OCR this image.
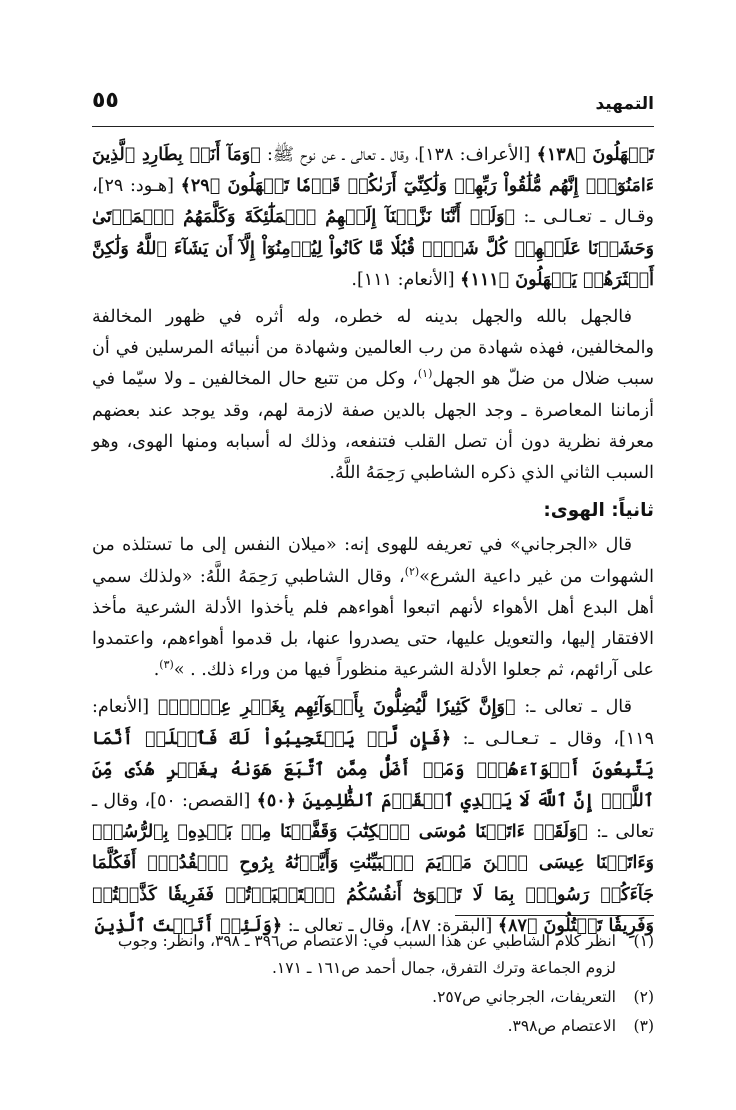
التمهيد
٥٥

تَجۡهَلُونَ ﴿١٣٨﴾ [الأعراف: ١٣٨]، وقال ـ تعالى ـ عن نوح ﷺ: ﴿وَمَآ أَنَا۠ بِطَارِدِ ٱلَّذِينَ ءَامَنُوٓاْۚ إِنَّهُم مُّلَٰقُواْ رَبِّهِمۡ وَلَٰكِنِّيٓ أَرَىٰكُمۡ قَوۡمٗا تَجۡهَلُونَ ﴿٢٩﴾ [هـود: ٢٩]، وقـال ـ تعـالـى ـ: ﴿وَلَوۡ أَنَّنَا نَزَّلۡنَآ إِلَيۡهِمُ ٱلۡمَلَٰٓئِكَةَ وَكَلَّمَهُمُ ٱلۡمَوۡتَىٰ وَحَشَرۡنَا عَلَيۡهِمۡ كُلَّ شَيۡءٖ قُبُلٗا مَّا كَانُواْ لِيُؤۡمِنُوٓاْ إِلَّآ أَن يَشَآءَ ٱللَّهُ وَلَٰكِنَّ أَكۡثَرَهُمۡ يَجۡهَلُونَ ﴿١١١﴾ [الأنعام: ١١١].

فالجهل بالله والجهل بدينه له خطره، وله أثره في ظهور المخالفة والمخالفين، فهذه شهادة من رب العالمين وشهادة من أنبيائه المرسلين في أن سبب ضلال من ضلّ هو الجهل$^{(١)}$، وكل من تتبع حال المخالفين ـ ولا سيّما في أزماننا المعاصرة ـ وجد الجهل بالدين صفة لازمة لهم، وقد يوجد عند بعضهم معرفة نظرية دون أن تصل القلب فتنفعه، وذلك له أسبابه ومنها الهوى، وهو السبب الثاني الذي ذكره الشاطبي رَحِمَهُ اللَّهُ.

ثانياً: الهوى:

قال «الجرجاني» في تعريفه للهوى إنه: «ميلان النفس إلى ما تستلذه من الشهوات من غير داعية الشرع»$^{(٢)}$، وقال الشاطبي رَحِمَهُ اللَّهُ: «ولذلك سمي أهل البدع أهل الأهواء لأنهم اتبعوا أهواءهم فلم يأخذوا الأدلة الشرعية مأخذ الافتقار إليها، والتعويل عليها، حتى يصدروا عنها، بل قدموا أهواءهم، واعتمدوا على آرائهم، ثم جعلوا الأدلة الشرعية منظوراً فيها من وراء ذلك. . »$^{(٣)}$.

قال ـ تعالى ـ: ﴿وَإِنَّ كَثِيرٗا لَّيُضِلُّونَ بِأَهۡوَآئِهِم بِغَيۡرِ عِلۡمٍۗ﴾ [الأنعام: ١١٩]، وقال ـ تـعـالـى ـ: ﴿فَإِن لَّمۡ يَسۡتَجِيبُواْ لَكَ فَٱعۡلَمۡ أَنَّمَا يَتَّبِعُونَ أَهۡوَآءَهُمۡۚ وَمَنۡ أَضَلُّ مِمَّنِ ٱتَّبَعَ هَوَىٰهُ بِغَيۡرِ هُدٗى مِّنَ ٱللَّهِۚ إِنَّ ٱللَّهَ لَا يَهۡدِي ٱلۡقَوۡمَ ٱلظَّٰلِمِينَ ﴿٥٠﴾ [القصص: ٥٠]، وقال ـ تعالى ـ: ﴿وَلَقَدۡ ءَاتَيۡنَا مُوسَى ٱلۡكِتَٰبَ وَقَفَّيۡنَا مِنۢ بَعۡدِهِۦ بِٱلرُّسُلِۖ وَءَاتَيۡنَا عِيسَى ٱبۡنَ مَرۡيَمَ ٱلۡبَيِّنَٰتِ وَأَيَّدۡنَٰهُ بِرُوحِ ٱلۡقُدُسِۗ أَفَكُلَّمَا جَآءَكُمۡ رَسُولُۢ بِمَا لَا تَهۡوَىٰٓ أَنفُسُكُمُ ٱسۡتَكۡبَرۡتُمۡ فَفَرِيقٗا كَذَّبۡتُمۡ وَفَرِيقٗا تَقۡتُلُونَ ﴿٨٧﴾ [البقرة: ٨٧]، وقال ـ تعالى ـ: ﴿وَلَئِنۡ أَتَيۡتَ ٱلَّذِينَ

(١)
انظر كلام الشاطبي عن هذا السبب في: الاعتصام ص٣٩٦ ـ ٣٩٨، وانظر: وجوب لزوم الجماعة وترك التفرق، جمال أحمد ص١٦١ ـ ١٧١.
(٢)
التعريفات، الجرجاني ص٢٥٧.
(٣)
الاعتصام ص٣٩٨.
